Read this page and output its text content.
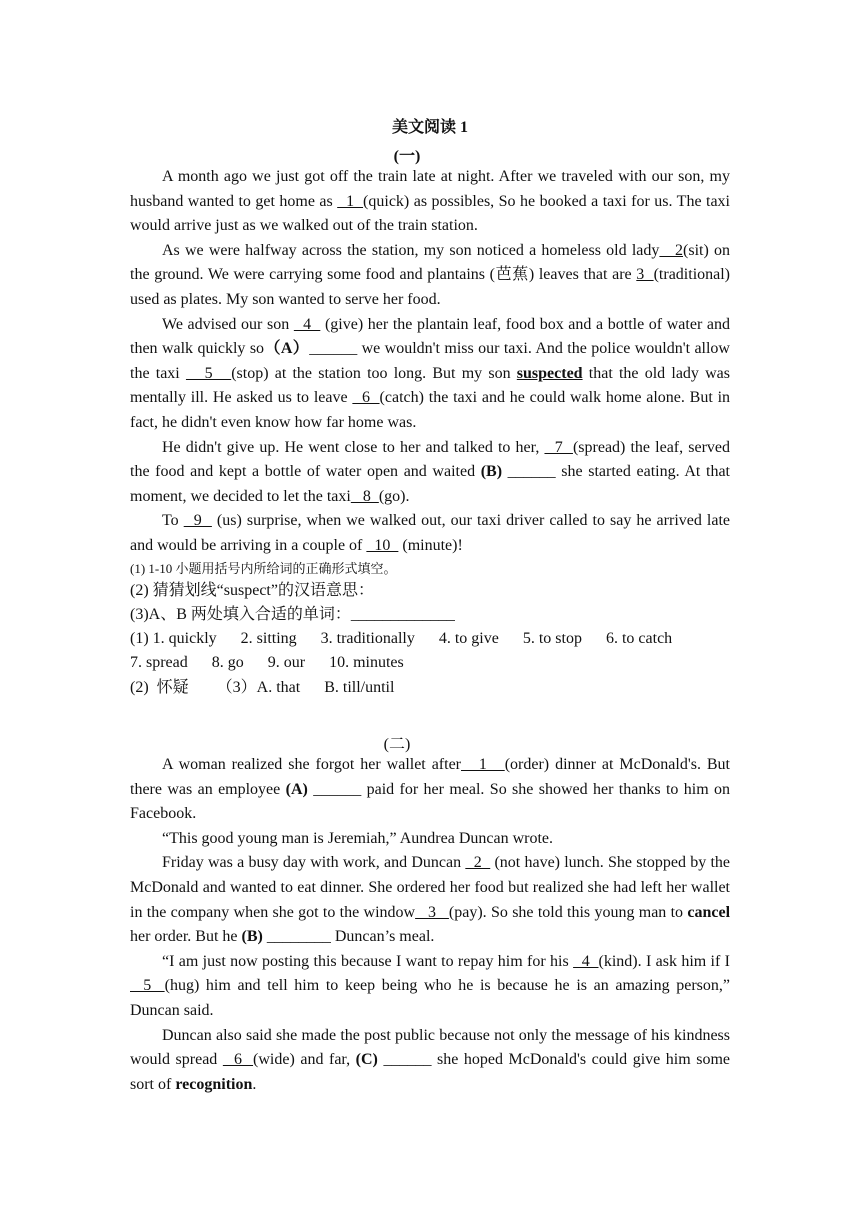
美文阅读 1
(一)

A month ago we just got off the train late at night. After we traveled with our son, my husband wanted to get home as   1  (quick) as possibles, So he booked a taxi for us. The taxi would arrive just as we walked out of the train station.

As we were halfway across the station, my son noticed a homeless old lady   2(sit) on the ground. We were carrying some food and plantains (芭蕉) leaves that are 3  (traditional) used as plates. My son wanted to serve her food.

We advised our son   4   (give) her the plantain leaf, food box and a bottle of water and then walk quickly so（A）______ we wouldn't miss our taxi. And the police wouldn't allow the taxi    5   (stop) at the station too long. But my son suspected that the old lady was mentally ill. He asked us to leave   6  (catch) the taxi and he could walk home alone. But in fact, he didn't even know how far home was.

He didn't give up. He went close to her and talked to her,   7  (spread) the leaf, served the food and kept a bottle of water open and waited (B) ______ she started eating. At that moment, we decided to let the taxi   8  (go).

To   9   (us) surprise, when we walked out, our taxi driver called to say he arrived late and would be arriving in a couple of   10   (minute)!

(1) 1-10 小题用括号内所给词的正确形式填空。

(2) 猜猜划线“suspect”的汉语意思：

(3)A、B 两处填入合适的单词：_____________

(1) 1. quickly      2. sitting      3. traditionally      4. to give      5. to stop      6. to catch

7. spread      8. go      9. our      10. minutes

(2)  怀疑       （3）A. that      B. till/until

(二)

A woman realized she forgot her wallet after   1   (order) dinner at McDonald's. But there was an employee (A) ______ paid for her meal. So she showed her thanks to him on Facebook.

“This good young man is Jeremiah,” Aundrea Duncan wrote.

Friday was a busy day with work, and Duncan   2   (not have) lunch. She stopped by the McDonald and wanted to eat dinner. She ordered her food but realized she had left her wallet in the company when she got to the window   3   (pay). So she told this young man to cancel her order. But he (B) ________ Duncan’s meal.

“I am just now posting this because I want to repay him for his   4  (kind). I ask him if I   5  (hug) him and tell him to keep being who he is because he is an amazing person,” Duncan said.

Duncan also said she made the post public because not only the message of his kindness would spread   6  (wide) and far, (C) ______ she hoped McDonald's could give him some sort of recognition.
